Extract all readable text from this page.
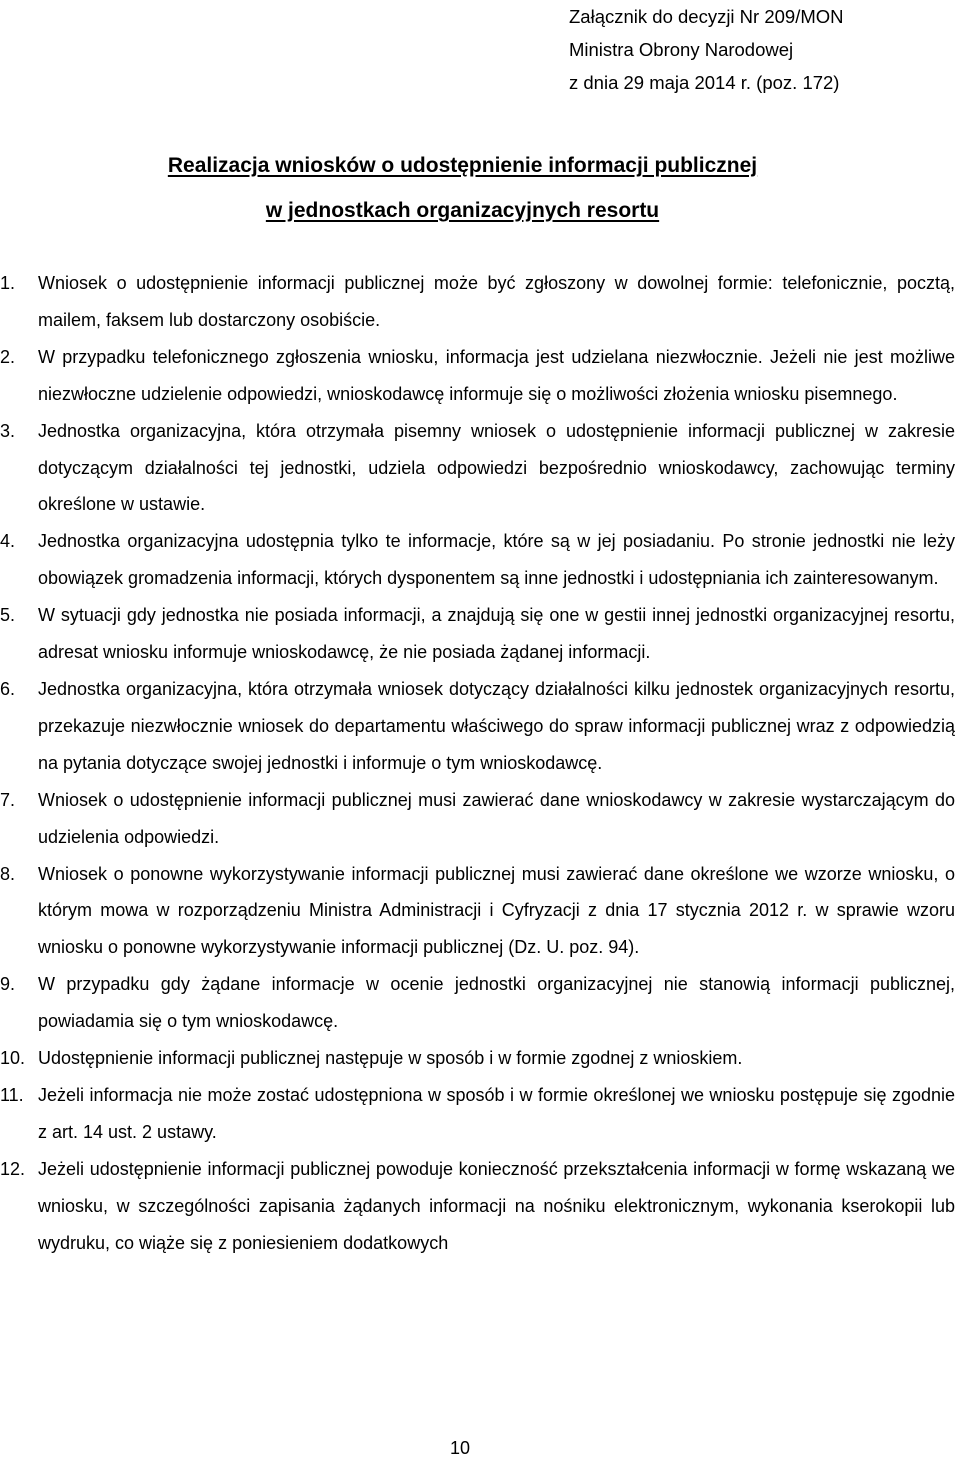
Załącznik do decyzji Nr 209/MON
Ministra Obrony Narodowej
z dnia 29 maja 2014 r. (poz. 172)
Realizacja wniosków o udostępnienie informacji publicznej
w jednostkach organizacyjnych resortu
1.	Wniosek o udostępnienie informacji publicznej może być zgłoszony w dowolnej formie: telefonicznie, pocztą, mailem, faksem lub dostarczony osobiście.
2.	W przypadku telefonicznego zgłoszenia wniosku, informacja jest udzielana niezwłocznie. Jeżeli nie jest możliwe niezwłoczne udzielenie odpowiedzi, wnioskodawcę informuje się o możliwości złożenia wniosku pisemnego.
3.	Jednostka organizacyjna, która otrzymała pisemny wniosek o udostępnienie informacji publicznej w zakresie dotyczącym działalności tej jednostki, udziela odpowiedzi bezpośrednio wnioskodawcy, zachowując terminy określone w ustawie.
4.	Jednostka organizacyjna udostępnia tylko te informacje, które są w jej posiadaniu. Po stronie jednostki nie leży obowiązek gromadzenia informacji, których dysponentem są inne jednostki i udostępniania ich zainteresowanym.
5.	W sytuacji gdy jednostka nie posiada informacji, a znajdują się one w gestii innej jednostki organizacyjnej resortu, adresat wniosku informuje wnioskodawcę, że nie posiada żądanej informacji.
6.	Jednostka organizacyjna, która otrzymała wniosek dotyczący działalności kilku jednostek organizacyjnych resortu, przekazuje niezwłocznie wniosek do departamentu właściwego do spraw informacji publicznej wraz z odpowiedzią na pytania dotyczące swojej jednostki i informuje o tym wnioskodawcę.
7.	Wniosek o udostępnienie informacji publicznej musi zawierać dane wnioskodawcy w zakresie wystarczającym do udzielenia odpowiedzi.
8.	Wniosek o ponowne wykorzystywanie informacji publicznej musi zawierać dane określone we wzorze wniosku, o którym mowa w rozporządzeniu Ministra Administracji i Cyfryzacji z dnia 17 stycznia 2012 r. w sprawie wzoru wniosku o ponowne wykorzystywanie informacji publicznej (Dz. U. poz. 94).
9.	W przypadku gdy żądane informacje w ocenie jednostki organizacyjnej nie stanowią informacji publicznej, powiadamia się o tym wnioskodawcę.
10. Udostępnienie informacji publicznej następuje w sposób i w formie zgodnej z wnioskiem.
11. Jeżeli informacja nie może zostać udostępniona w sposób i w formie określonej we wniosku postępuje się zgodnie z art. 14 ust. 2 ustawy.
12. Jeżeli udostępnienie informacji publicznej powoduje konieczność przekształcenia informacji w formę wskazaną we wniosku, w szczególności zapisania żądanych informacji na nośniku elektronicznym, wykonania kserokopii lub wydruku, co wiąże się z poniesieniem dodatkowych
10
